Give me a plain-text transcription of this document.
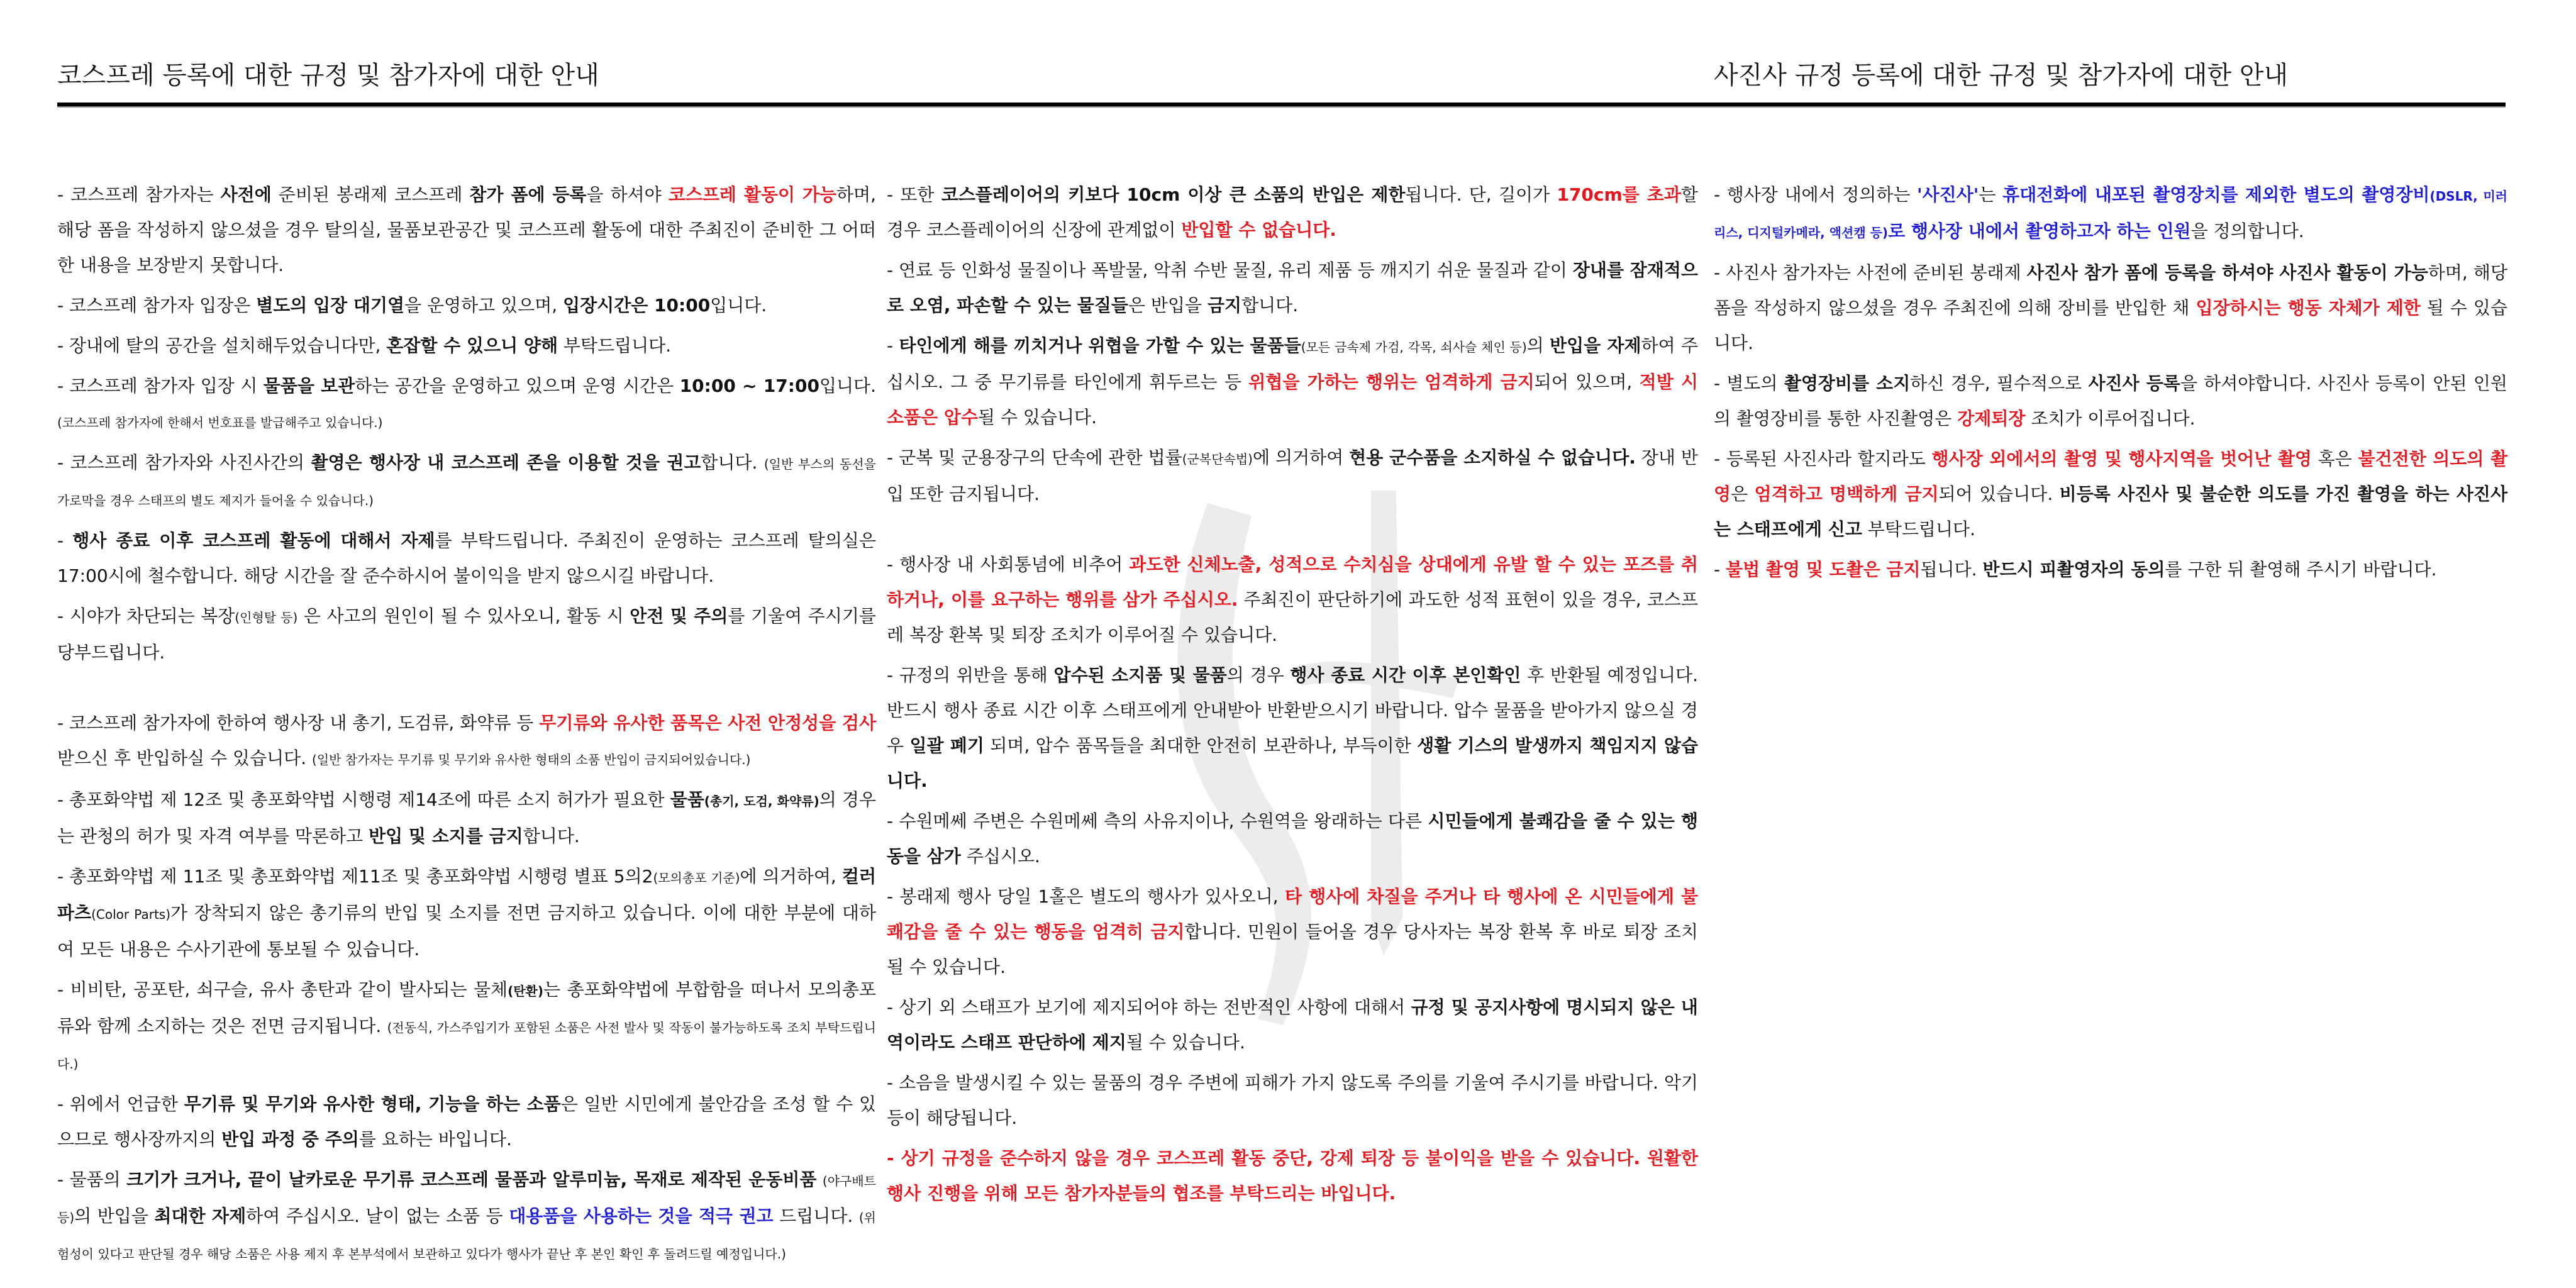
코스프레 등록에 대한 규정 및 참가자에 대한 안내	사진사 규정 등록에 대한 규정 및 참가자에 대한 안내

- 코스프레 참가자는 사전에 준비된 봉래제 코스프레 참가 폼에 등록을 하셔야 코스프레 활동이 가능하며, 해당 폼을 작성하지 않으셨을 경우 탈의실, 물품보관공간 및 코스프레 활동에 대한 주최진이 준비한 그 어떠한 내용을 보장받지 못합니다.

- 코스프레 참가자 입장은 별도의 입장 대기열을 운영하고 있으며, 입장시간은 10:00입니다.

- 장내에 탈의 공간을 설치해두었습니다만, 혼잡할 수 있으니 양해 부탁드립니다.

- 코스프레 참가자 입장 시 물품을 보관하는 공간을 운영하고 있으며 운영 시간은 10:00 ~ 17:00입니다. (코스프레 참가자에 한해서 번호표를 발급해주고 있습니다.)

- 코스프레 참가자와 사진사간의 촬영은 행사장 내 코스프레 존을 이용할 것을 권고합니다. (일반 부스의 동선을 가로막을 경우 스태프의 별도 제지가 들어올 수 있습니다.)

- 행사 종료 이후 코스프레 활동에 대해서 자제를 부탁드립니다. 주최진이 운영하는 코스프레 탈의실은 17:00시에 철수합니다. 해당 시간을 잘 준수하시어 불이익을 받지 않으시길 바랍니다.

- 시야가 차단되는 복장(인형탈 등) 은 사고의 원인이 될 수 있사오니, 활동 시 안전 및 주의를 기울여 주시기를 당부드립니다.

- 코스프레 참가자에 한하여 행사장 내 총기, 도검류, 화약류 등 무기류와 유사한 품목은 사전 안정성을 검사 받으신 후 반입하실 수 있습니다. (일반 참가자는 무기류 및 무기와 유사한 형태의 소품 반입이 금지되어있습니다.)

- 총포화약법 제 12조 및 총포화약법 시행령 제14조에 따른 소지 허가가 필요한 물품(총기, 도검, 화약류)의 경우는 관청의 허가 및 자격 여부를 막론하고 반입 및 소지를 금지합니다.

- 총포화약법 제 11조 및 총포화약법 제11조 및 총포화약법 시행령 별표 5의2(모의총포 기준)에 의거하여, 컬러 파츠(Color Parts)가 장착되지 않은 총기류의 반입 및 소지를 전면 금지하고 있습니다. 이에 대한 부분에 대하여 모든 내용은 수사기관에 통보될 수 있습니다.

- 비비탄, 공포탄, 쇠구슬, 유사 총탄과 같이 발사되는 물체(탄환)는 총포화약법에 부합함을 떠나서 모의총포류와 함께 소지하는 것은 전면 금지됩니다. (전동식, 가스주입기가 포함된 소품은 사전 발사 및 작동이 불가능하도록 조치 부탁드립니다.)

- 위에서 언급한 무기류 및 무기와 유사한 형태, 기능을 하는 소품은 일반 시민에게 불안감을 조성 할 수 있으므로 행사장까지의 반입 과정 중 주의를 요하는 바입니다.

- 물품의 크기가 크거나, 끝이 날카로운 무기류 코스프레 물품과 알루미늄, 목재로 제작된 운동비품 (야구배트 등)의 반입을 최대한 자제하여 주십시오. 날이 없는 소품 등 대용품을 사용하는 것을 적극 권고 드립니다. (위험성이 있다고 판단될 경우 해당 소품은 사용 제지 후 본부석에서 보관하고 있다가 행사가 끝난 후 본인 확인 후 돌려드릴 예정입니다.)

- 또한 코스플레이어의 키보다 10cm 이상 큰 소품의 반입은 제한됩니다. 단, 길이가 170cm를 초과할 경우 코스플레이어의 신장에 관계없이 반입할 수 없습니다.

- 연료 등 인화성 물질이나 폭발물, 악취 수반 물질, 유리 제품 등 깨지기 쉬운 물질과 같이 장내를 잠재적으로 오염, 파손할 수 있는 물질들은 반입을 금지합니다.

- 타인에게 해를 끼치거나 위협을 가할 수 있는 물품들(모든 금속제 가검, 각목, 쇠사슬 체인 등)의 반입을 자제하여 주십시오. 그 중 무기류를 타인에게 휘두르는 등 위협을 가하는 행위는 엄격하게 금지되어 있으며, 적발 시 소품은 압수될 수 있습니다.

- 군복 및 군용장구의 단속에 관한 법률(군복단속법)에 의거하여 현용 군수품을 소지하실 수 없습니다. 장내 반입 또한 금지됩니다.

- 행사장 내 사회통념에 비추어 과도한 신체노출, 성적으로 수치심을 상대에게 유발 할 수 있는 포즈를 취하거나, 이를 요구하는 행위를 삼가 주십시오. 주최진이 판단하기에 과도한 성적 표현이 있을 경우, 코스프레 복장 환복 및 퇴장 조치가 이루어질 수 있습니다.

- 규정의 위반을 통해 압수된 소지품 및 물품의 경우 행사 종료 시간 이후 본인확인 후 반환될 예정입니다. 반드시 행사 종료 시간 이후 스태프에게 안내받아 반환받으시기 바랍니다. 압수 물품을 받아가지 않으실 경우 일괄 폐기 되며, 압수 품목들을 최대한 안전히 보관하나, 부득이한 생활 기스의 발생까지 책임지지 않습니다.

- 수원메쎄 주변은 수원메쎄 측의 사유지이나, 수원역을 왕래하는 다른 시민들에게 불쾌감을 줄 수 있는 행동을 삼가 주십시오.

- 봉래제 행사 당일 1홀은 별도의 행사가 있사오니, 타 행사에 차질을 주거나 타 행사에 온 시민들에게 불쾌감을 줄 수 있는 행동을 엄격히 금지합니다. 민원이 들어올 경우 당사자는 복장 환복 후 바로 퇴장 조치될 수 있습니다.

- 상기 외 스태프가 보기에 제지되어야 하는 전반적인 사항에 대해서 규정 및 공지사항에 명시되지 않은 내역이라도 스태프 판단하에 제지될 수 있습니다.

- 소음을 발생시킬 수 있는 물품의 경우 주변에 피해가 가지 않도록 주의를 기울여 주시기를 바랍니다. 악기 등이 해당됩니다.

- 상기 규정을 준수하지 않을 경우 코스프레 활동 중단, 강제 퇴장 등 불이익을 받을 수 있습니다. 원활한 행사 진행을 위해 모든 참가자분들의 협조를 부탁드리는 바입니다.

- 행사장 내에서 정의하는 '사진사'는 휴대전화에 내포된 촬영장치를 제외한 별도의 촬영장비(DSLR, 미러리스, 디지털카메라, 액션캠 등)로 행사장 내에서 촬영하고자 하는 인원을 정의합니다.

- 사진사 참가자는 사전에 준비된 봉래제 사진사 참가 폼에 등록을 하셔야 사진사 활동이 가능하며, 해당 폼을 작성하지 않으셨을 경우 주최진에 의해 장비를 반입한 채 입장하시는 행동 자체가 제한 될 수 있습니다.

- 별도의 촬영장비를 소지하신 경우, 필수적으로 사진사 등록을 하셔야합니다. 사진사 등록이 안된 인원의 촬영장비를 통한 사진촬영은 강제퇴장 조치가 이루어집니다.

- 등록된 사진사라 할지라도 행사장 외에서의 촬영 및 행사지역을 벗어난 촬영 혹은 불건전한 의도의 촬영은 엄격하고 명백하게 금지되어 있습니다. 비등록 사진사 및 불순한 의도를 가진 촬영을 하는 사진사는 스태프에게 신고 부탁드립니다.

- 불법 촬영 및 도촬은 금지됩니다. 반드시 피촬영자의 동의를 구한 뒤 촬영해 주시기 바랍니다.
